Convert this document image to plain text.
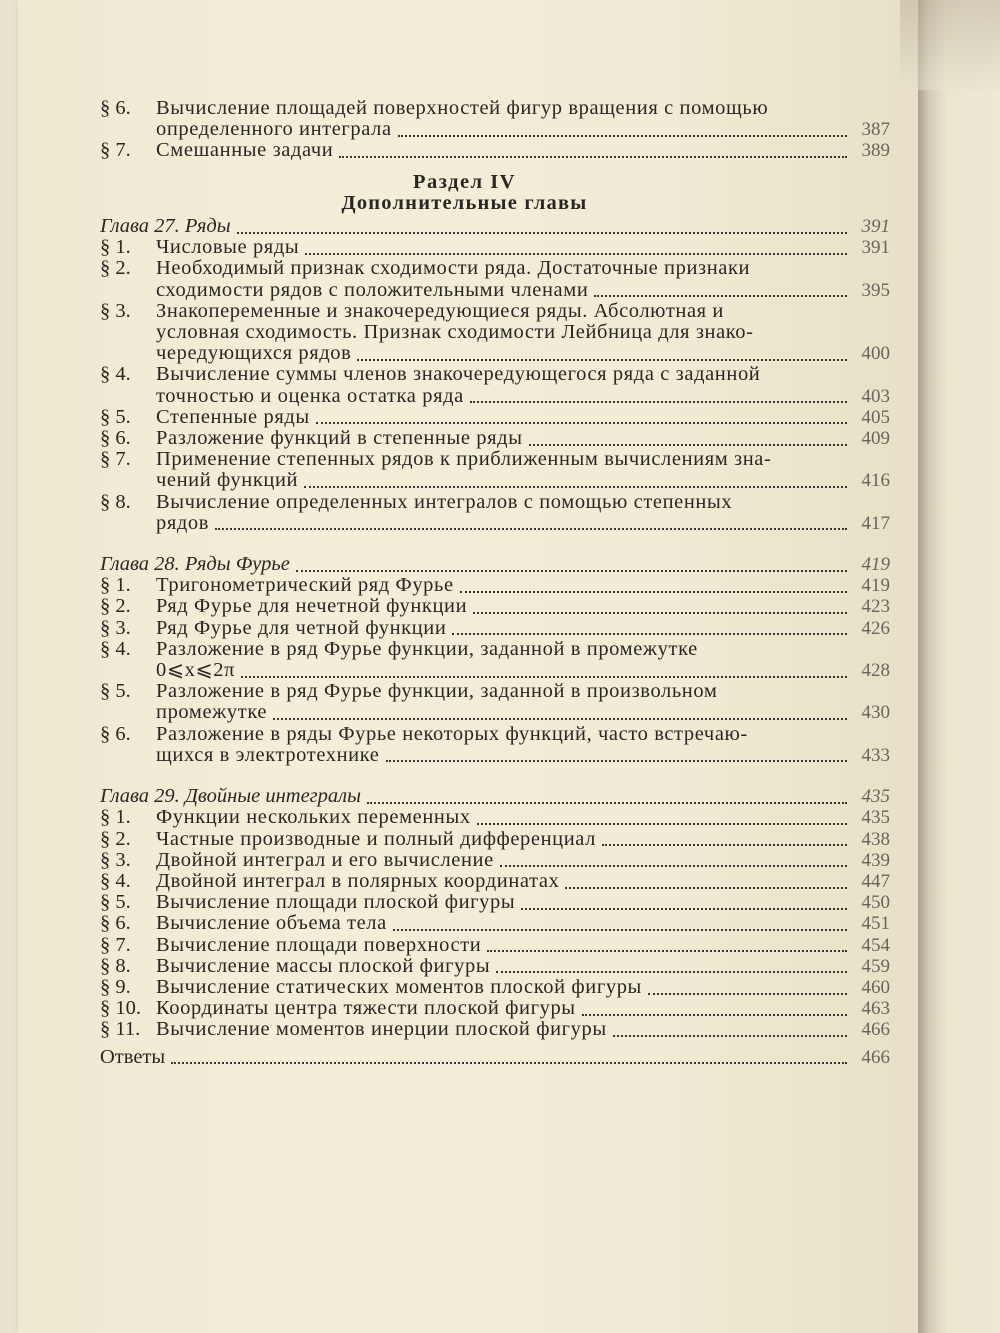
§ 6.	Вычисление площадей поверхностей фигур вращения с помощью
определенного интеграла	387
§ 7.	Смешанные задачи	389
Раздел IV
Дополнительные главы
Глава 27. Ряды	391
§ 1.	Числовые ряды	391
§ 2.	Необходимый признак сходимости ряда. Достаточные признаки
сходимости рядов с положительными членами	395
§ 3.	Знакопеременные и знакочередующиеся ряды. Абсолютная и
условная сходимость. Признак сходимости Лейбница для знако-
чередующихся рядов	400
§ 4.	Вычисление суммы членов знакочередующегося ряда с заданной
точностью и оценка остатка ряда	403
§ 5.	Степенные ряды	405
§ 6.	Разложение функций в степенные ряды	409
§ 7.	Применение степенных рядов к приближенным вычислениям зна-
чений функций	416
§ 8.	Вычисление определенных интегралов с помощью степенных
рядов	417
Глава 28. Ряды Фурье	419
§ 1.	Тригонометрический ряд Фурье	419
§ 2.	Ряд Фурье для нечетной функции	423
§ 3.	Ряд Фурье для четной функции	426
§ 4.	Разложение в ряд Фурье функции, заданной в промежутке
0⩽x⩽2π	428
§ 5.	Разложение в ряд Фурье функции, заданной в произвольном
промежутке	430
§ 6.	Разложение в ряды Фурье некоторых функций, часто встречаю-
щихся в электротехнике	433
Глава 29. Двойные интегралы	435
§ 1.	Функции нескольких переменных	435
§ 2.	Частные производные и полный дифференциал	438
§ 3.	Двойной интеграл и его вычисление	439
§ 4.	Двойной интеграл в полярных координатах	447
§ 5.	Вычисление площади плоской фигуры	450
§ 6.	Вычисление объема тела	451
§ 7.	Вычисление площади поверхности	454
§ 8.	Вычисление массы плоской фигуры	459
§ 9.	Вычисление статических моментов плоской фигуры	460
§ 10. Координаты центра тяжести плоской фигуры	463
§ 11. Вычисление моментов инерции плоской фигуры	466
Ответы	466
